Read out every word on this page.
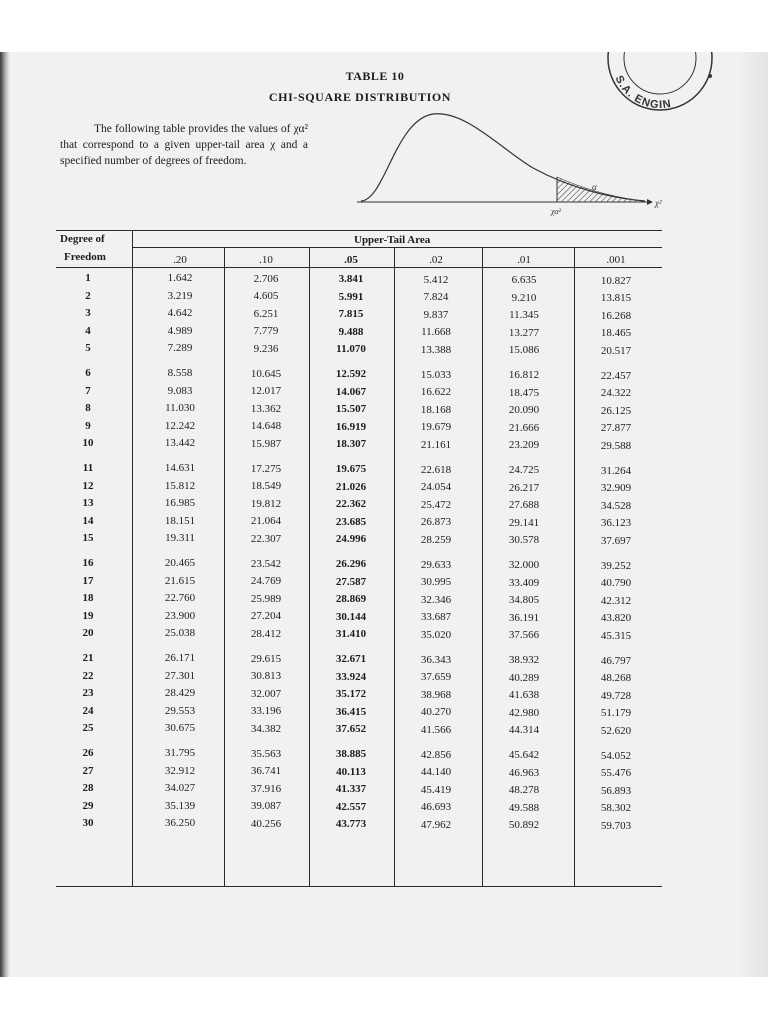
S.A. ENGIN
TABLE 10
CHI-SQUARE DISTRIBUTION
The following table provides the values of χα² that correspond to a given upper-tail area χ and a specified number of degrees of freedom.
α
χ²
χα²
Degree of
Freedom
Upper-Tail Area
.20	.10	.05	.02	.01	.001
1	1.642	2.706	3.841	5.412	6.635	10.827
2	3.219	4.605	5.991	7.824	9.210	13.815
3	4.642	6.251	7.815	9.837	11.345	16.268
4	4.989	7.779	9.488	11.668	13.277	18.465
5	7.289	9.236	11.070	13.388	15.086	20.517
6	8.558	10.645	12.592	15.033	16.812	22.457
7	9.083	12.017	14.067	16.622	18.475	24.322
8	11.030	13.362	15.507	18.168	20.090	26.125
9	12.242	14.648	16.919	19.679	21.666	27.877
10	13.442	15.987	18.307	21.161	23.209	29.588
11	14.631	17.275	19.675	22.618	24.725	31.264
12	15.812	18.549	21.026	24.054	26.217	32.909
13	16.985	19.812	22.362	25.472	27.688	34.528
14	18.151	21.064	23.685	26.873	29.141	36.123
15	19.311	22.307	24.996	28.259	30.578	37.697
16	20.465	23.542	26.296	29.633	32.000	39.252
17	21.615	24.769	27.587	30.995	33.409	40.790
18	22.760	25.989	28.869	32.346	34.805	42.312
19	23.900	27.204	30.144	33.687	36.191	43.820
20	25.038	28.412	31.410	35.020	37.566	45.315
21	26.171	29.615	32.671	36.343	38.932	46.797
22	27.301	30.813	33.924	37.659	40.289	48.268
23	28.429	32.007	35.172	38.968	41.638	49.728
24	29.553	33.196	36.415	40.270	42.980	51.179
25	30.675	34.382	37.652	41.566	44.314	52.620
26	31.795	35.563	38.885	42.856	45.642	54.052
27	32.912	36.741	40.113	44.140	46.963	55.476
28	34.027	37.916	41.337	45.419	48.278	56.893
29	35.139	39.087	42.557	46.693	49.588	58.302
30	36.250	40.256	43.773	47.962	50.892	59.703
